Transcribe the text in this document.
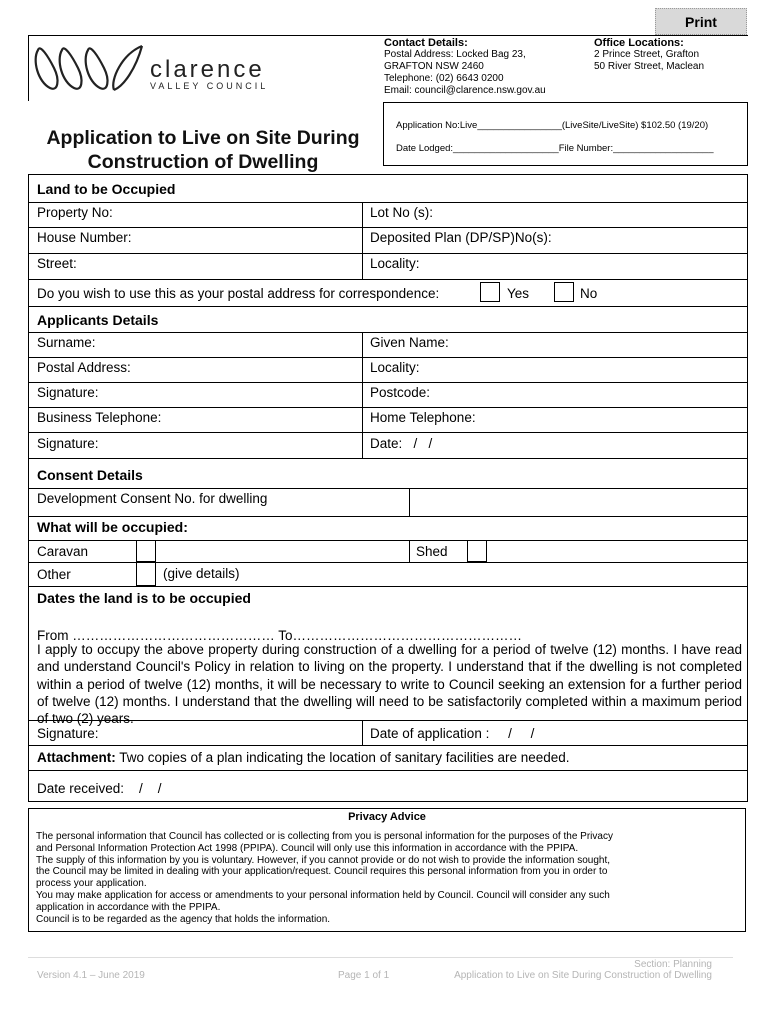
Print
clarence
VALLEY COUNCIL
Contact Details:
Postal Address: Locked Bag 23,
GRAFTON NSW 2460
Telephone: (02) 6643 0200
Email: council@clarence.nsw.gov.au
Office Locations:
2 Prince Street, Grafton
50 River Street, Maclean
Application No:Live________________(LiveSite/LiveSite) $102.50 (19/20)
Date Lodged:____________________File Number:___________________
Application to Live on Site During
Construction of Dwelling
Land to be Occupied
Property No:	Lot No (s):
House Number:	Deposited Plan (DP/SP)No(s):
Street:	Locality:
Do you wish to use this as your postal address for correspondence:	Yes	No
Applicants Details
Surname:	Given Name:
Postal Address:	Locality:
Signature:	Postcode:
Business Telephone:	Home Telephone:
Signature:	Date:   /   /
Consent Details
Development Consent No. for dwelling
What will be occupied:
Caravan	Shed
Other	(give details)
Dates the land is to be occupied
From ……………………………………… To……………………………………………
I apply to occupy the above property during construction of a dwelling for a period of twelve (12) months. I have read and understand Council's Policy in relation to living on the property. I understand that if the dwelling is not completed within a period of twelve (12) months, it will be necessary to write to Council seeking an extension for a further period of twelve (12) months. I understand that the dwelling will need to be satisfactorily completed within a maximum period of two (2) years.
Signature:	Date of application :     /     /
Attachment: Two copies of a plan indicating the location of sanitary facilities are needed.
Date received:    /    /
Privacy Advice
The personal information that Council has collected or is collecting from you is personal information for the purposes of the Privacy
and Personal Information Protection Act 1998 (PPIPA). Council will only use this information in accordance with the PPIPA.
The supply of this information by you is voluntary. However, if you cannot provide or do not wish to provide the information sought,
the Council may be limited in dealing with your application/request. Council requires this personal information from you in order to
process your application.
You may make application for access or amendments to your personal information held by Council. Council will consider any such
application in accordance with the PPIPA.
Council is to be regarded as the agency that holds the information.
Version 4.1 – June 2019	Page 1 of 1
Section: Planning
Application to Live on Site During Construction of Dwelling
